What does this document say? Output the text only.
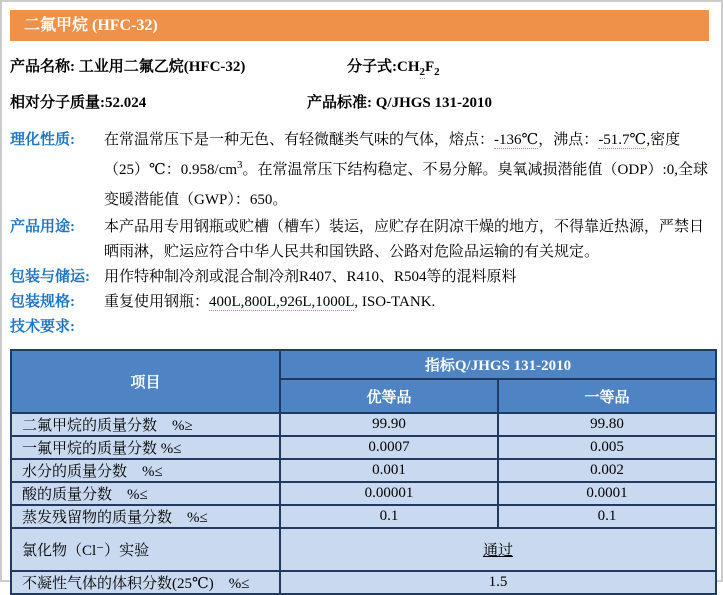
二氟甲烷 (HFC-32)
产品名称: 工业用二氟乙烷(HFC-32)	分子式$:CH_2F_2$
相对分子质量:52.024	产品标准: Q/JHGS 131-2010
理化性质:	在常温常压下是一种无色、有轻微醚类气味的气体，熔点：-136℃，沸点：-51.7℃,密度（25）℃：$0.958/cm^3$。在常温常压下结构稳定、不易分解。臭氧减损潜能值（ODP）:0,全球变暖潜能值（GWP）：650。
产品用途:	本产品用专用钢瓶或贮槽（槽车）装运，应贮存在阴凉干燥的地方，不得靠近热源，严禁日晒雨淋，贮运应符合中华人民共和国铁路、公路对危险品运输的有关规定。
包装与储运: 用作特种制冷剂或混合制冷剂R407、R410、R504等的混料原料
包装规格:	重复使用钢瓶：400L,800L,926L,1000L, ISO-TANK.
技术要求:
项目	指标Q/JHGS 131-2010	
	优等品	一等品
二氟甲烷的质量分数　%≥	99.90	99.80
一氟甲烷的质量分数 %≤	0.0007	0.005
水分的质量分数　%≤	0.001	0.002
酸的质量分数　%≤	0.00001	0.0001
蒸发残留物的质量分数　%≤	0.1	0.1
氯化物（Cl⁻）实验	通过	
不凝性气体的体积分数(25℃)　%≤	1.5	
